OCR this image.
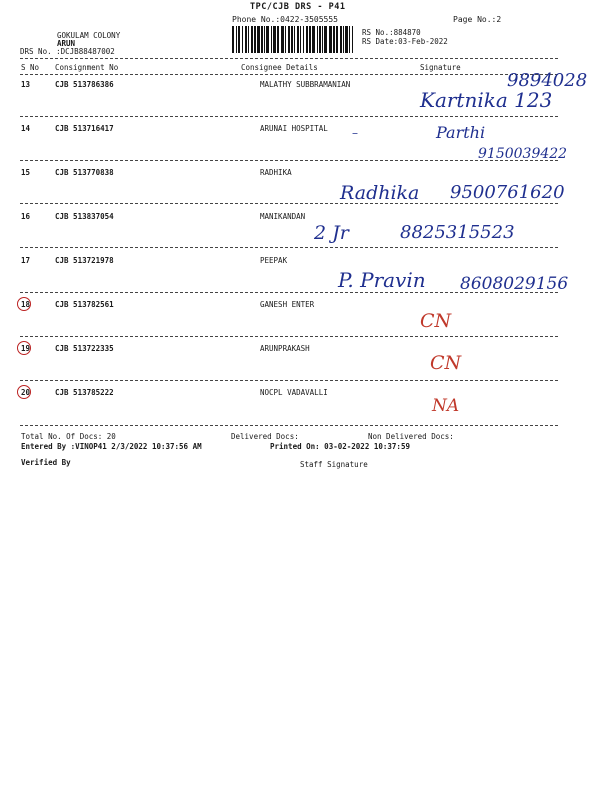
TPC/CJB DRS - P41
Phone No.:0422-3505555	Page No.:2
GOKULAM COLONY
ARUN
RS No.:884870
RS Date:03-Feb-2022
DRS No. :DCJB88487002
S No Consignment No	Consignee Details	Signature
13	CJB 513786386	MALATHY SUBBRAMANIAN	9894028
Kartnika 123
14	CJB 513716417	ARUNAI HOSPITAL –	Parthi
9150039422
15	CJB 513770838	RADHIKA
Radhika 9500761620
16	CJB 513837054	MANIKANDAN
2 Jr	8825315523
17	CJB 513721978	PEEPAK
P. Pravin 8608029156
18	CJB 513782561	GANESH ENTER
CN
19	CJB 513722335	ARUNPRAKASH
CN
20	CJB 513785222	NOCPL VADAVALLI
NA
Total No. Of Docs: 20	Delivered Docs:	Non Delivered Docs:
Entered By :VINOP41 2/3/2022 10:37:56 AM	Printed On: 03-02-2022 10:37:59
Verified By	Staff Signature
